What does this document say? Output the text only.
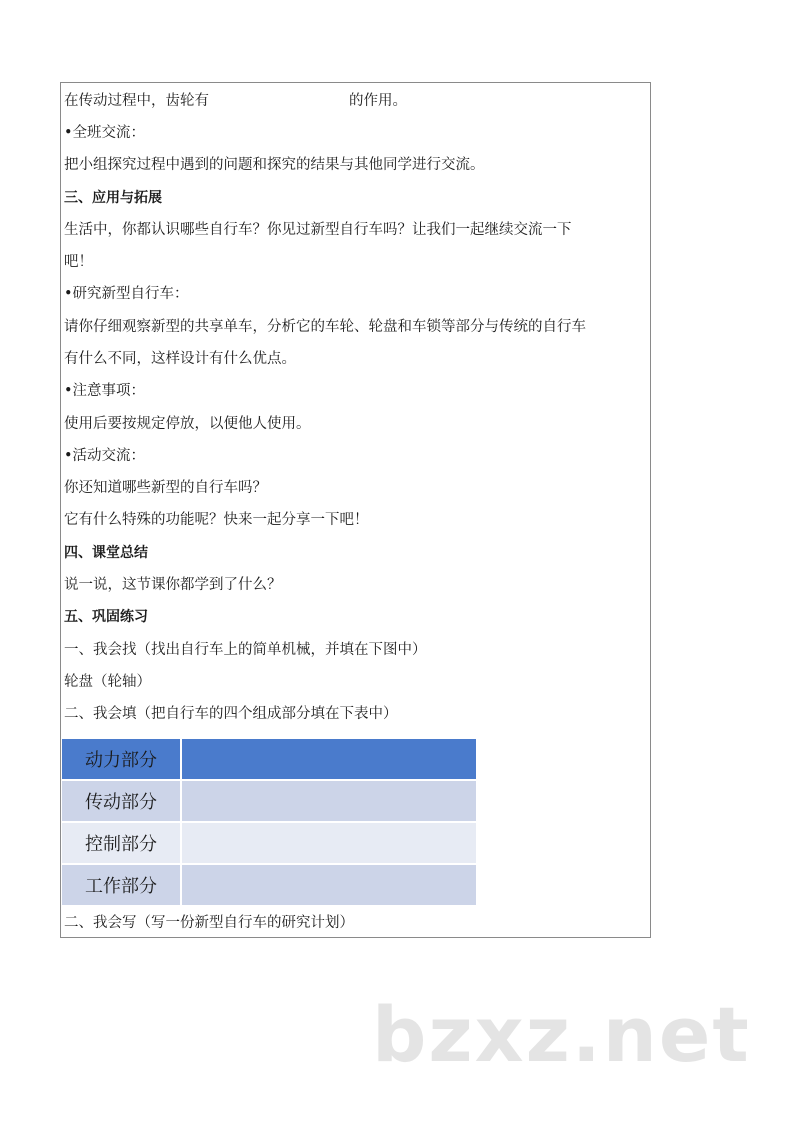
在传动过程中，齿轮有	的作用。
•全班交流：
把小组探究过程中遇到的问题和探究的结果与其他同学进行交流。
三、应用与拓展
生活中，你都认识哪些自行车？你见过新型自行车吗？让我们一起继续交流一下
吧！
•研究新型自行车：
请你仔细观察新型的共享单车，分析它的车轮、轮盘和车锁等部分与传统的自行车
有什么不同，这样设计有什么优点。
•注意事项：
使用后要按规定停放，以便他人使用。
•活动交流：
你还知道哪些新型的自行车吗？
它有什么特殊的功能呢？快来一起分享一下吧！
四、课堂总结
说一说，这节课你都学到了什么？
五、巩固练习
一、我会找（找出自行车上的简单机械，并填在下图中）
轮盘（轮轴）
二、我会填（把自行车的四个组成部分填在下表中）
动力部分	
传动部分	
控制部分	
工作部分	
二、我会写（写一份新型自行车的研究计划）
bzxz.net
